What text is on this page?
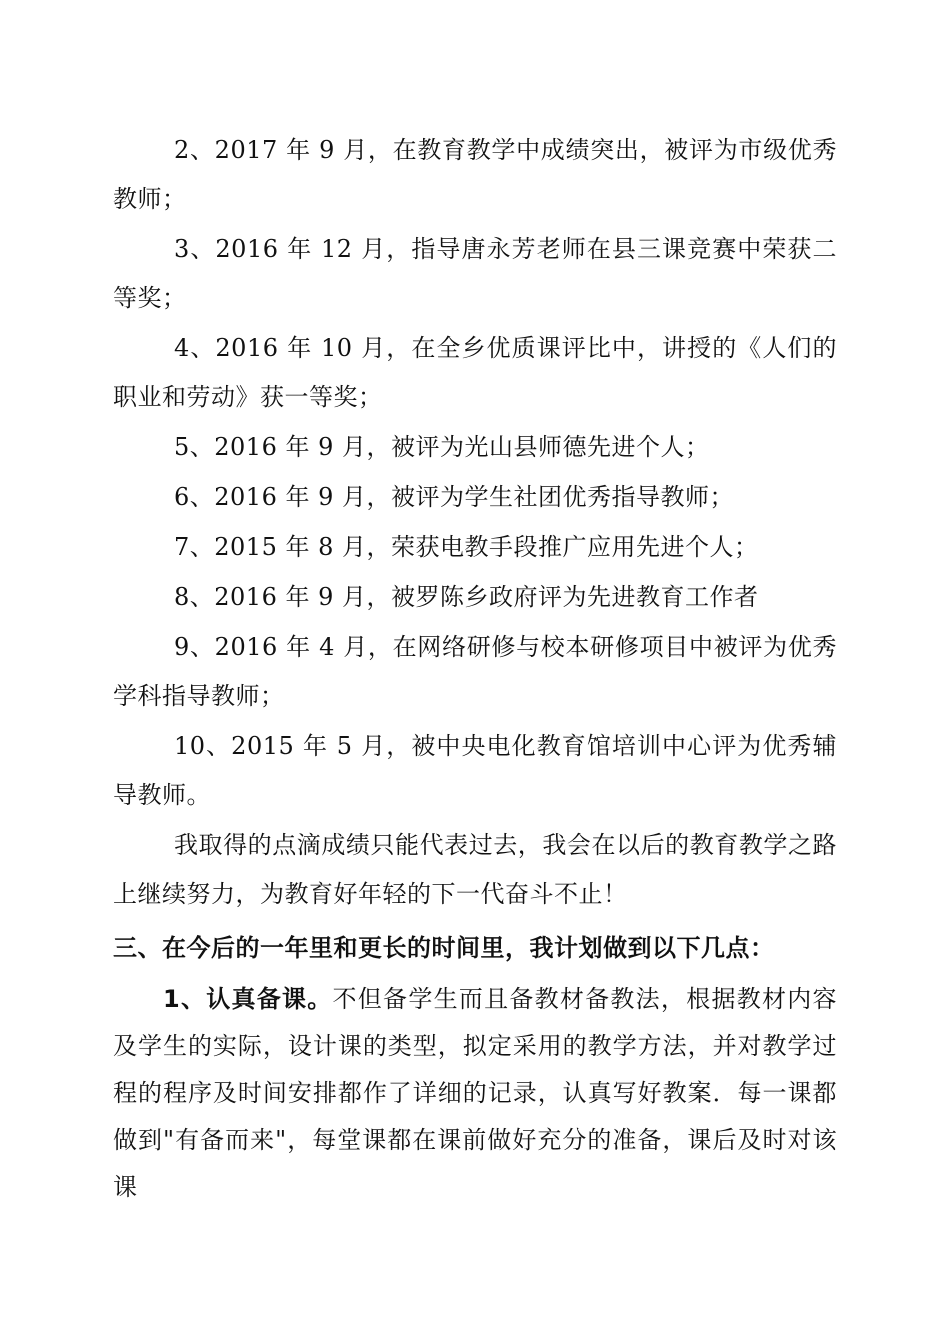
2、2017 年 9 月，在教育教学中成绩突出，被评为市级优秀教师；

3、2016 年 12 月，指导唐永芳老师在县三课竞赛中荣获二等奖；

4、2016 年 10 月，在全乡优质课评比中，讲授的《人们的职业和劳动》获一等奖；

5、2016 年 9 月，被评为光山县师德先进个人；

6、2016 年 9 月，被评为学生社团优秀指导教师；

7、2015 年 8 月，荣获电教手段推广应用先进个人；

8、2016 年 9 月，被罗陈乡政府评为先进教育工作者

9、2016 年 4 月，在网络研修与校本研修项目中被评为优秀学科指导教师；

10、2015 年 5 月，被中央电化教育馆培训中心评为优秀辅导教师。

我取得的点滴成绩只能代表过去，我会在以后的教育教学之路上继续努力，为教育好年轻的下一代奋斗不止！

三、在今后的一年里和更长的时间里，我计划做到以下几点：

1、认真备课。不但备学生而且备教材备教法，根据教材内容及学生的实际，设计课的类型，拟定采用的教学方法，并对教学过程的程序及时间安排都作了详细的记录，认真写好教案．每一课都做到"有备而来"，每堂课都在课前做好充分的准备，课后及时对该课
